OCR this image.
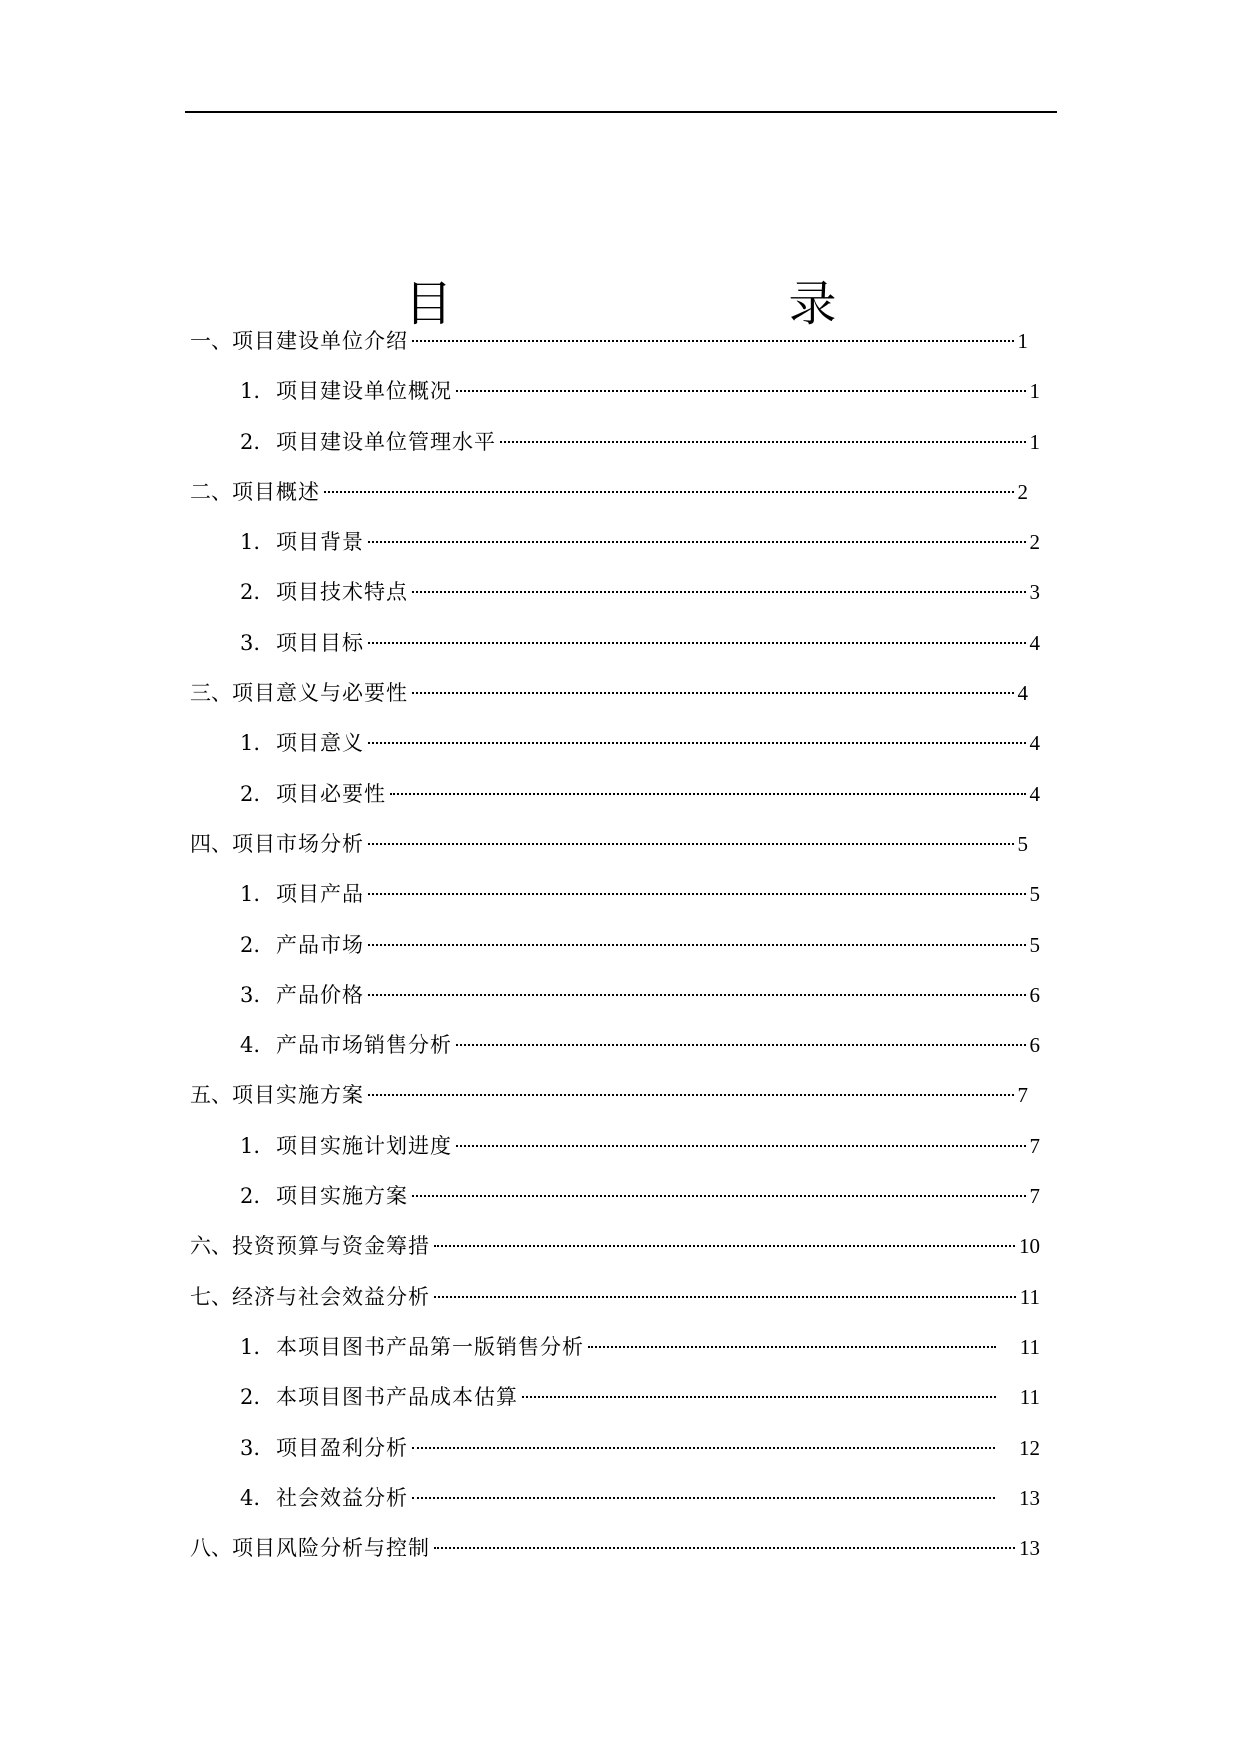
目　　录
一、 项目建设单位介绍	1
1. 项目建设单位概况	1
2. 项目建设单位管理水平	1
二、 项目概述	2
1. 项目背景	2
2. 项目技术特点	3
3. 项目目标	4
三、 项目意义与必要性	4
1. 项目意义	4
2. 项目必要性	4
四、 项目市场分析	5
1. 项目产品	5
2. 产品市场	5
3. 产品价格	6
4. 产品市场销售分析	6
五、 项目实施方案	7
1. 项目实施计划进度	7
2. 项目实施方案	7
六、 投资预算与资金筹措	10
七、 经济与社会效益分析	11
1. 本项目图书产品第一版销售分析	11
2. 本项目图书产品成本估算	11
3. 项目盈利分析	12
4. 社会效益分析	13
八、 项目风险分析与控制	13
